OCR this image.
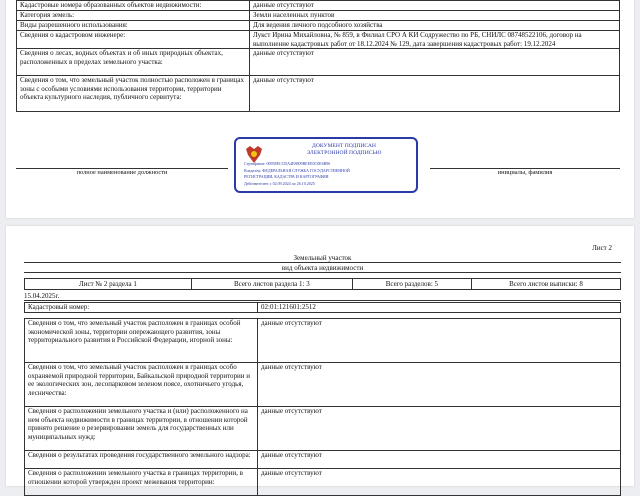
Кадастровые номера образованных объектов недвижимости:	данные отсутствуют
Категория земель:	Земли населенных пунктов
Виды разрешенного использования:	Для ведения личного подсобного хозяйства
Сведения о кадастровом инженере:	Лукст Ирина Михайловна, № 859, в Филиал СРО А КИ Содружество по РБ, СНИЛС 08748522106, договор на выполнение кадастровых работ от 18.12.2024 № 129, дата завершения кадастровых работ: 19.12.2024
Сведения о лесах, водных объектах и об иных природных объектах, расположенных в пределах земельного участка:	данные отсутствуют
Сведения о том, что земельный участок полностью расположен в границах зоны с особыми условиями использования территории, территории объекта культурного наследия, публичного сервитута:	данные отсутствуют
полное наименование должности	инициалы, фамилия
ДОКУМЕНТ ПОДПИСАН
ЭЛЕКТРОННОЙ ПОДПИСЬЮ
Сертификат: 00958ECCDA4E8809BEEE0C0E6B96
Владелец: ФЕДЕРАЛЬНАЯ СЛУЖБА ГОСУДАРСТВЕННОЙ
РЕГИСТРАЦИИ, КАДАСТРА И КАРТОГРАФИИ
Действителен: с 02.09.2024 по 26.10.2025
Лист 2
Земельный участок
вид объекта недвижимости
Лист № 2 раздела 1	Всего листов раздела 1: 3	Всего разделов: 5	Всего листов выписки: 8
15.04.2025г.
Кадастровый номер:	02:01:121601:2512
Сведения о том, что земельный участок расположен в границах особой экономической зоны, территории опережающего развития, зоны территориального развития в Российской Федерации, игорной зоны:	данные отсутствуют
Сведения о том, что земельный участок расположен в границах особо охраняемой природной территории, Байкальской природной территории и ее экологических зон, лесопарковом зеленом поясе, охотничьего угодья, лесничества:	данные отсутствуют
Сведения о расположении земельного участка и (или) расположенного на нем объекта недвижимости в границах территории, в отношении которой принято решение о резервировании земель для государственных или муниципальных нужд:	данные отсутствуют
Сведения о результатах проведения государственного земельного надзора:	данные отсутствуют
Сведения о расположении земельного участка в границах территории, в отношении которой утвержден проект межевания территории:	данные отсутствуют
